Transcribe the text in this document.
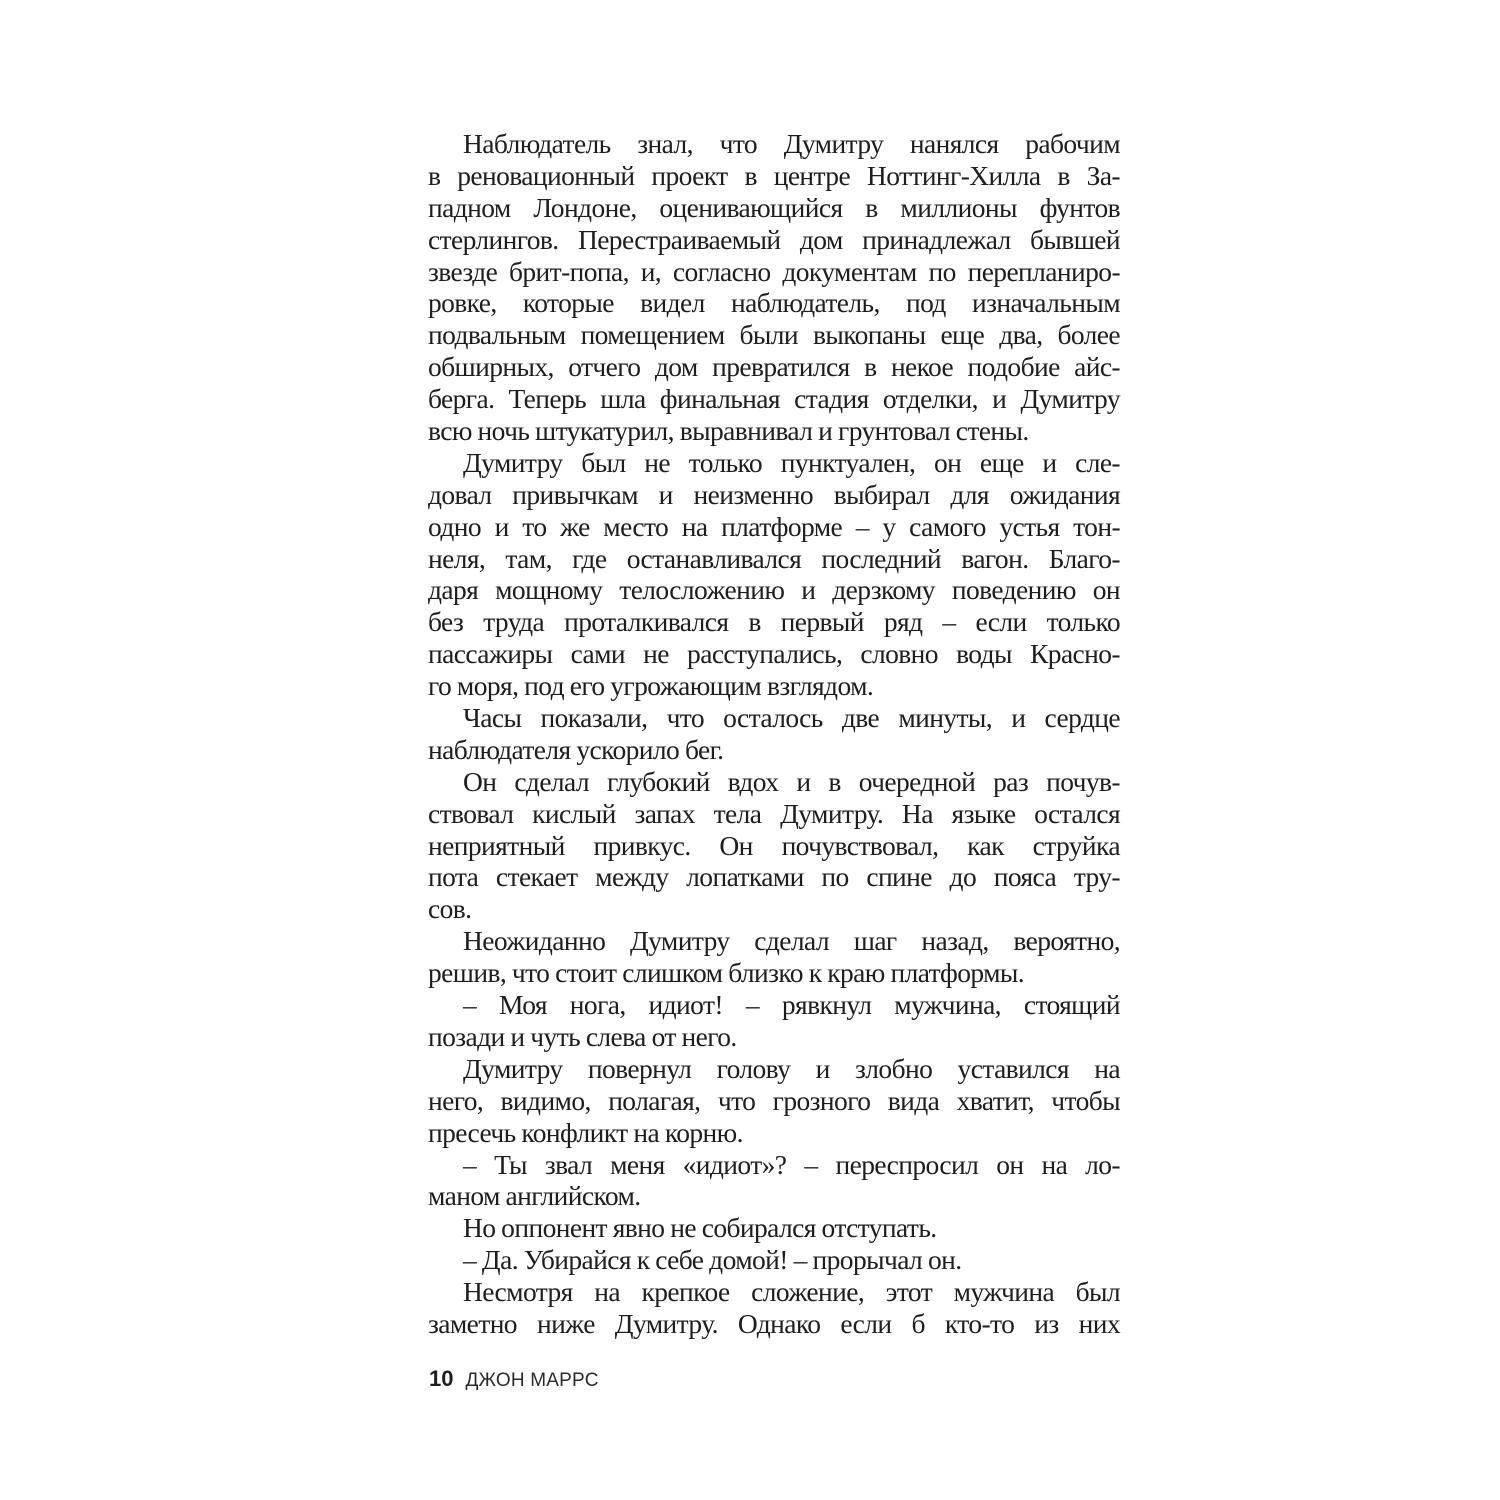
Наблюдатель знал, что Думитру нанялся рабочим
в реновационный проект в центре Ноттинг-Хилла в За-
падном Лондоне, оценивающийся в миллионы фунтов
стерлингов. Перестраиваемый дом принадлежал бывшей
звезде брит-попа, и, согласно документам по перепланиро-
ровке, которые видел наблюдатель, под изначальным
подвальным помещением были выкопаны еще два, более
обширных, отчего дом превратился в некое подобие айс-
берга. Теперь шла финальная стадия отделки, и Думитру
всю ночь штукатурил, выравнивал и грунтовал стены.
Думитру был не только пунктуален, он еще и сле-
довал привычкам и неизменно выбирал для ожидания
одно и то же место на платформе – у самого устья тон-
неля, там, где останавливался последний вагон. Благо-
даря мощному телосложению и дерзкому поведению он
без труда проталкивался в первый ряд – если только
пассажиры сами не расступались, словно воды Красно-
го моря, под его угрожающим взглядом.
Часы показали, что осталось две минуты, и сердце
наблюдателя ускорило бег.
Он сделал глубокий вдох и в очередной раз почув-
ствовал кислый запах тела Думитру. На языке остался
неприятный привкус. Он почувствовал, как струйка
пота стекает между лопатками по спине до пояса тру-
сов.
Неожиданно Думитру сделал шаг назад, вероятно,
решив, что стоит слишком близко к краю платформы.
– Моя нога, идиот! – рявкнул мужчина, стоящий
позади и чуть слева от него.
Думитру повернул голову и злобно уставился на
него, видимо, полагая, что грозного вида хватит, чтобы
пресечь конфликт на корню.
– Ты звал меня «идиот»? – переспросил он на ло-
маном английском.
Но оппонент явно не собирался отступать.
– Да. Убирайся к себе домой! – прорычал он.
Несмотря на крепкое сложение, этот мужчина был
заметно ниже Думитру. Однако если б кто-то из них
10 ДЖОН МАРРС
